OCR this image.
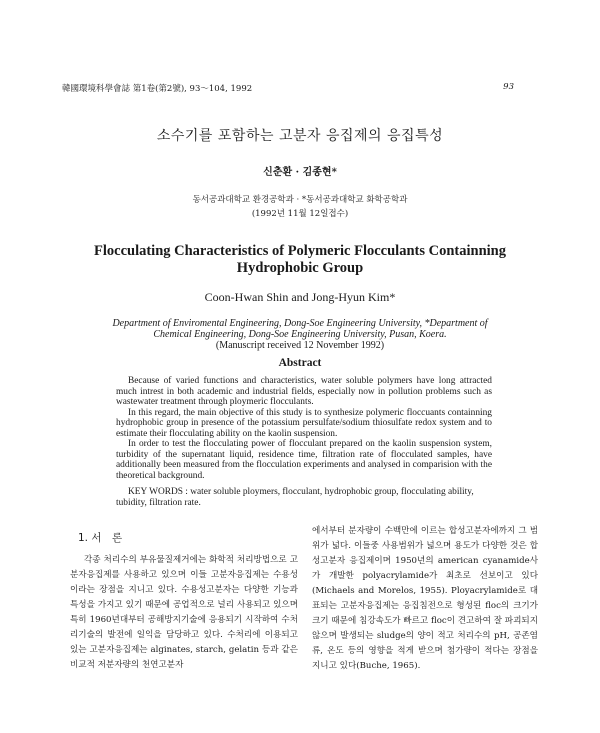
韓國環境科學會誌 第1卷(第2號), 93～104, 1992	93
소수기를 포함하는 고분자 응집제의 응집특성
신춘환 · 김종현*
동서공과대학교 환경공학과 · *동서공과대학교 화학공학과
(1992년 11월 12일접수)
Flocculating Characteristics of Polymeric Flocculants Containning
Hydrophobic Group
Coon-Hwan Shin and Jong-Hyun Kim*
Department of Enviromental Engineering, Dong-Soe Engineering University, *Department of
Chemical Engineering, Dong-Soe Engineering University, Pusan, Koera.
(Manuscript received 12 November 1992)
Abstract

Because of varied functions and characteristics, water soluble polymers have long attracted much intrest in both academic and industrial fields, especially now in pollution problems such as wastewater treatment through ploymeric flocculants.

In this regard, the main objective of this study is to synthesize polymeric floccuants containning hydrophobic group in presence of the potassium persulfate/sodium thiosulfate redox system and to estimate their flocculating ability on the kaolin suspension.

In order to test the flocculating power of flocculant prepared on the kaolin suspension system, turbidity of the supernatant liquid, residence time, filtration rate of flocculated samples, have additionally been measured from the flocculation experiments and analysed in comparision with the theoretical background.

KEY WORDS : water soluble ploymers, flocculant, hydrophobic group, flocculating ability, tubidity, filtration rate.
1. 서　론

각종 처리수의 부유물질제거에는 화학적 처리방법으로 고분자응집제를 사용하고 있으며 이들 고분자응집제는 수용성이라는 장점을 지니고 있다. 수용성고분자는 다양한 기능과 특성을 가지고 있기 때문에 공업적으로 널리 사용되고 있으며 특히 1960년대부터 공해방지기술에 응용되기 시작하여 수처리기술의 발전에 일익을 담당하고 있다. 수처리에 이용되고 있는 고분자응집제는 alginates, starch, gelatin 등과 같은 비교적 저분자량의 천연고분자

에서부터 분자량이 수백만에 이르는 합성고분자에까지 그 범위가 넓다. 이들중 사용범위가 넓으며 용도가 다양한 것은 합성고분자 응집제이며 1950년의 american cyanamide사가 개발한 polyacrylamide가 최초로 선보이고 있다(Michaels and Morelos, 1955). Ployacrylamide로 대표되는 고분자응집제는 응집침전으로 형성된 floc의 크기가 크기 때문에 침강속도가 빠르고 floc이 견고하여 잘 파괴되지 않으며 발생되는 sludge의 양이 적고 처리수의 pH, 공존염류, 온도 등의 영향을 적게 받으며 첨가량이 적다는 장점을 지니고 있다(Buche, 1965).
